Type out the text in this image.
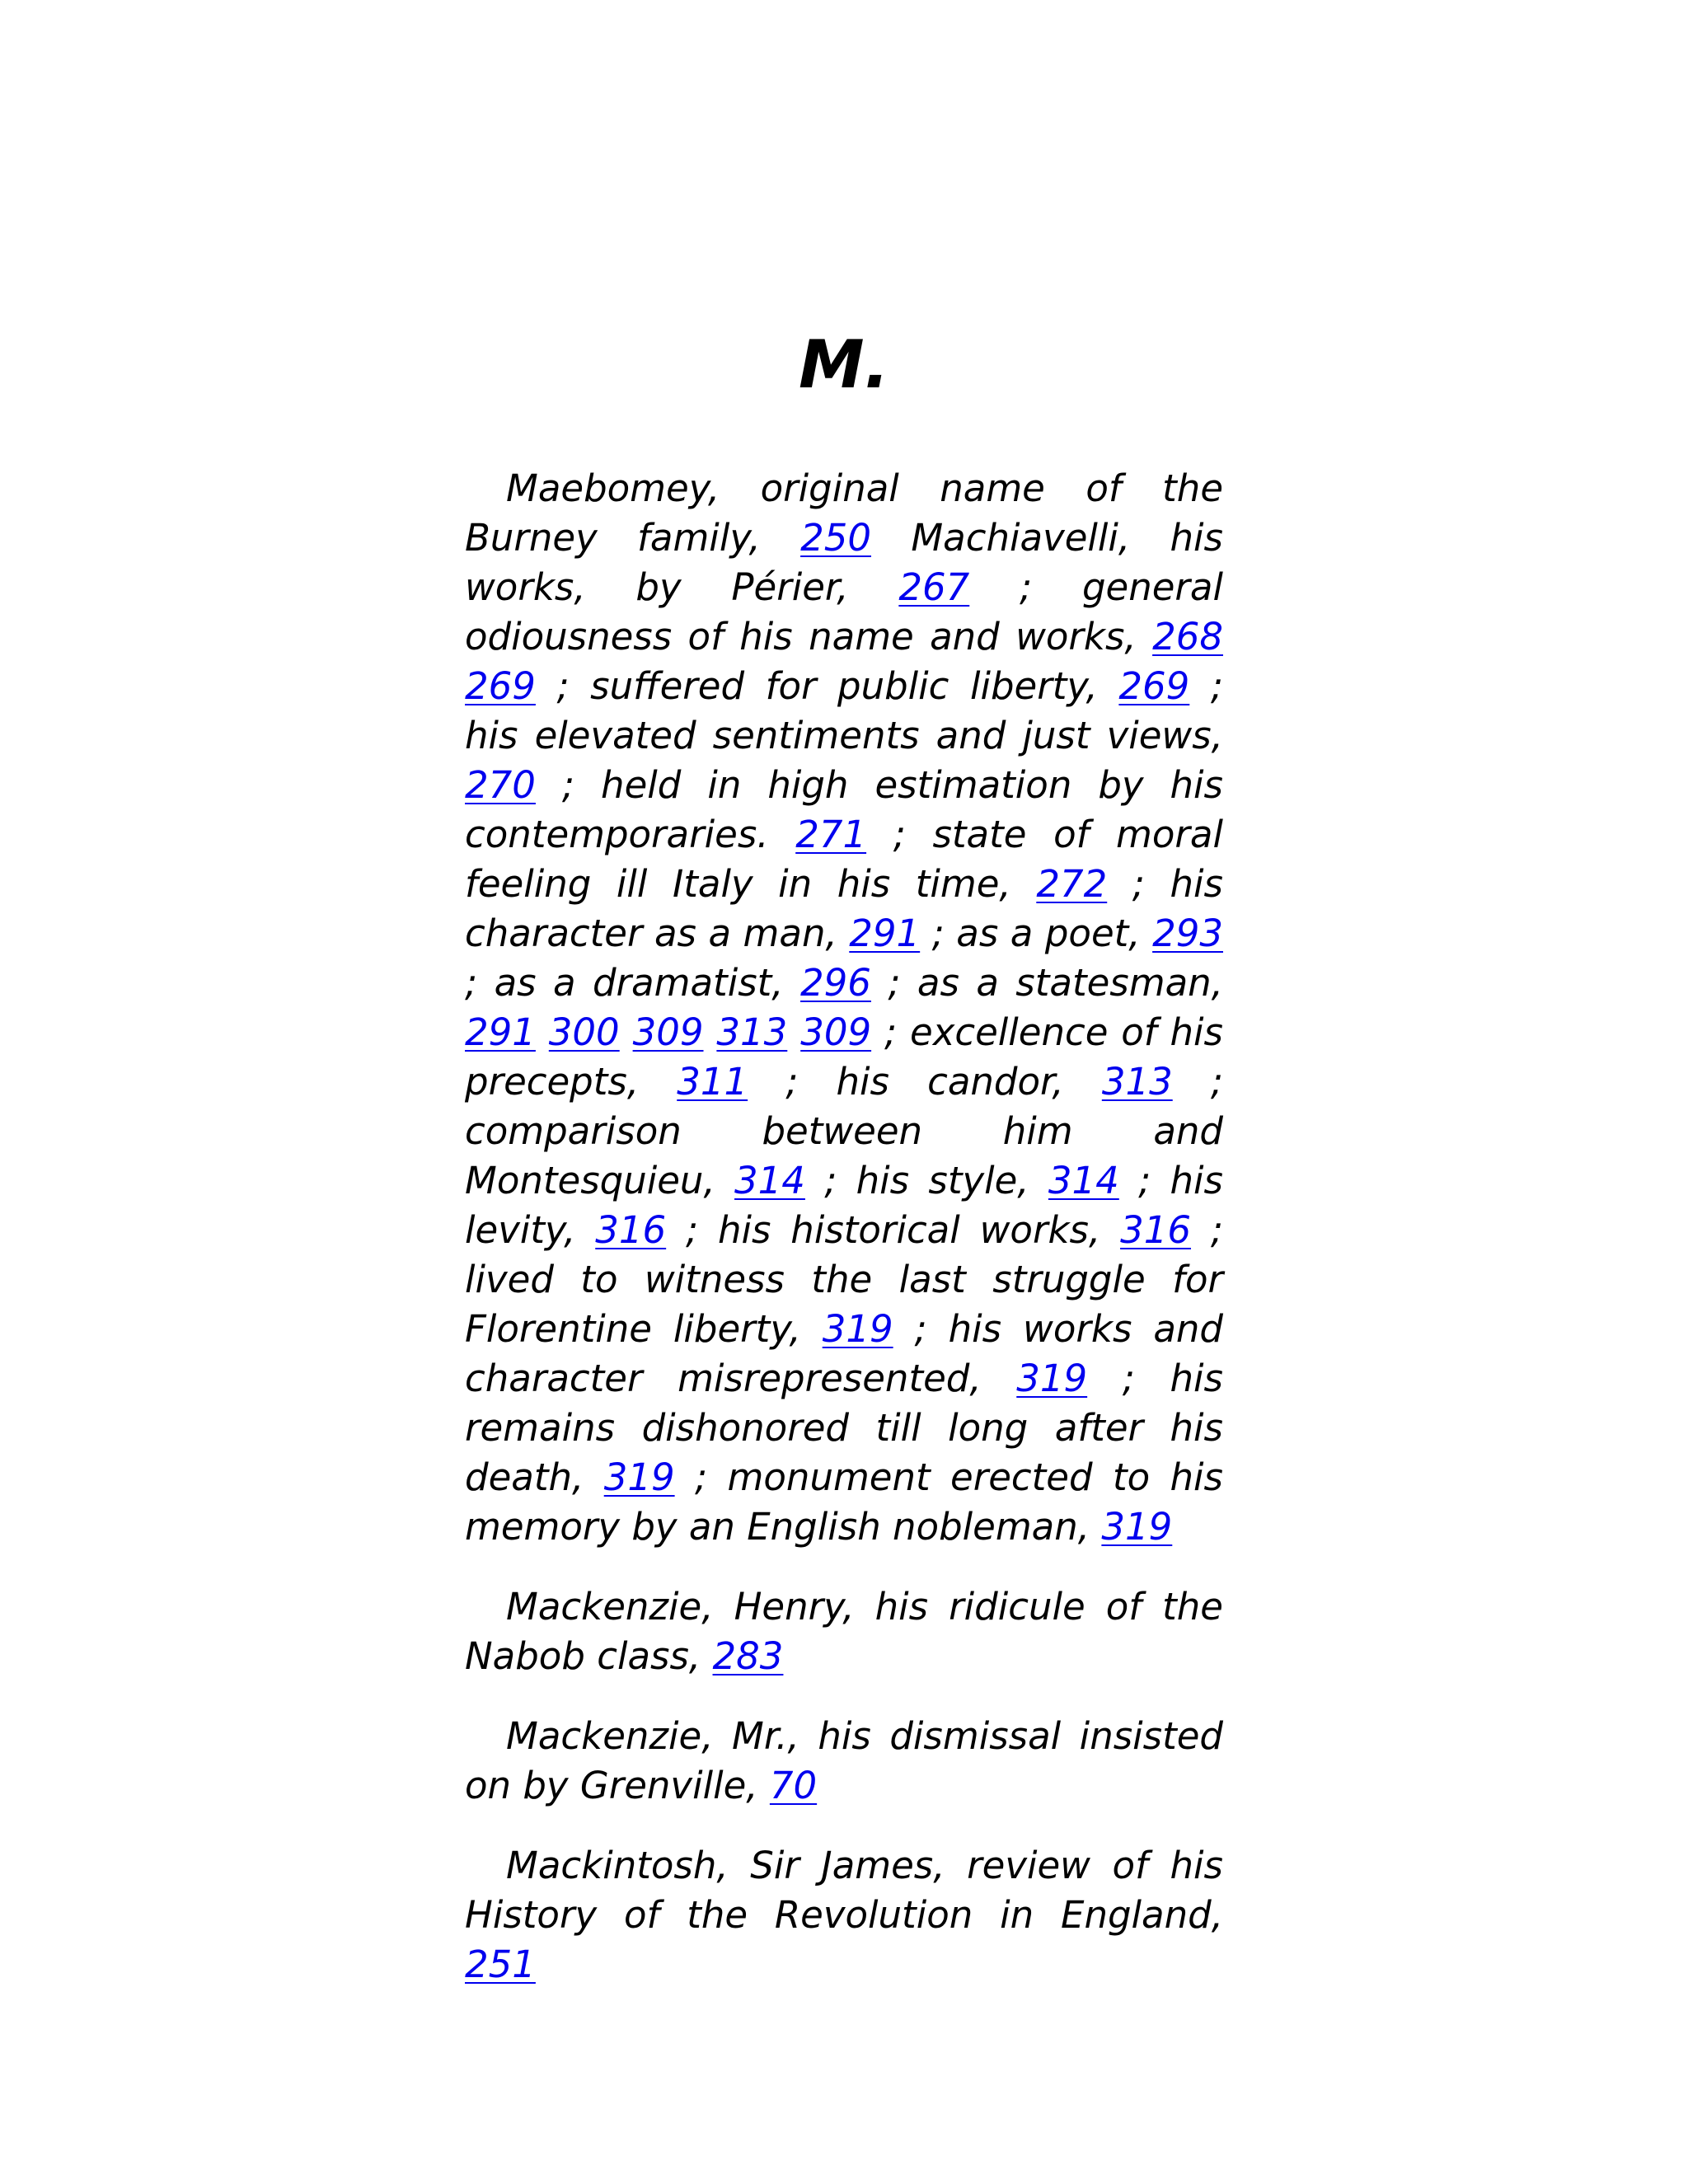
M.

Maebomey, original name of the Burney family, 250 Machiavelli, his works, by Périer, 267 ; general odiousness of his name and works, 268 269 ; suffered for public liberty, 269 ; his elevated sentiments and just views, 270 ; held in high estimation by his contemporaries. 271 ; state of moral feeling ill Italy in his time, 272 ; his character as a man, 291 ; as a poet, 293 ; as a dramatist, 296 ; as a statesman, 291 300 309 313 309 ; excellence of his precepts, 311 ; his candor, 313 ; comparison between him and Montesquieu, 314 ; his style, 314 ; his levity, 316 ; his historical works, 316 ; lived to witness the last struggle for Florentine liberty, 319 ; his works and character misrepresented, 319 ; his remains dishonored till long after his death, 319 ; monument erected to his memory by an English nobleman, 319

Mackenzie, Henry, his ridicule of the Nabob class, 283

Mackenzie, Mr., his dismissal insisted on by Grenville, 70

Mackintosh, Sir James, review of his History of the Revolution in England, 251
